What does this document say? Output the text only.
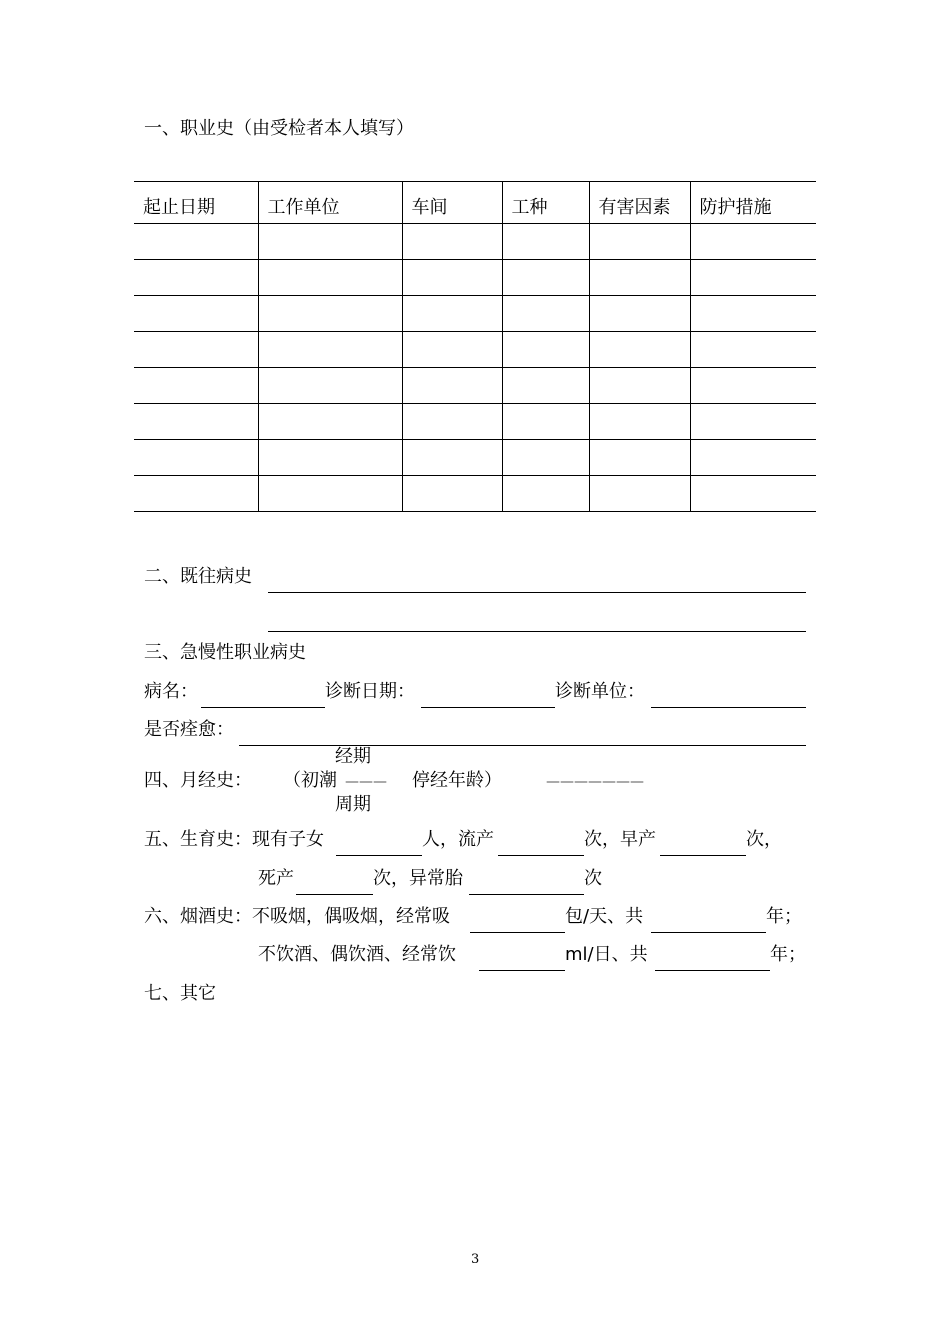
一、职业史（由受检者本人填写）
起止日期	工作单位	车间	工种	有害因素	防护措施

二、既往病史
三、急慢性职业病史
病名：	诊断日期：	诊断单位：
是否痊愈：
经期
四、月经史： （初潮 ——— 停经年龄）	———————
周期
五、生育史：现有子女	人，流产	次，早产	次，
死产	次，异常胎	次
六、烟酒史：不吸烟，偶吸烟，经常吸	包/天、共	年；
不饮酒、偶饮酒、经常饮	ml/日、共	年；
七、其它
3
